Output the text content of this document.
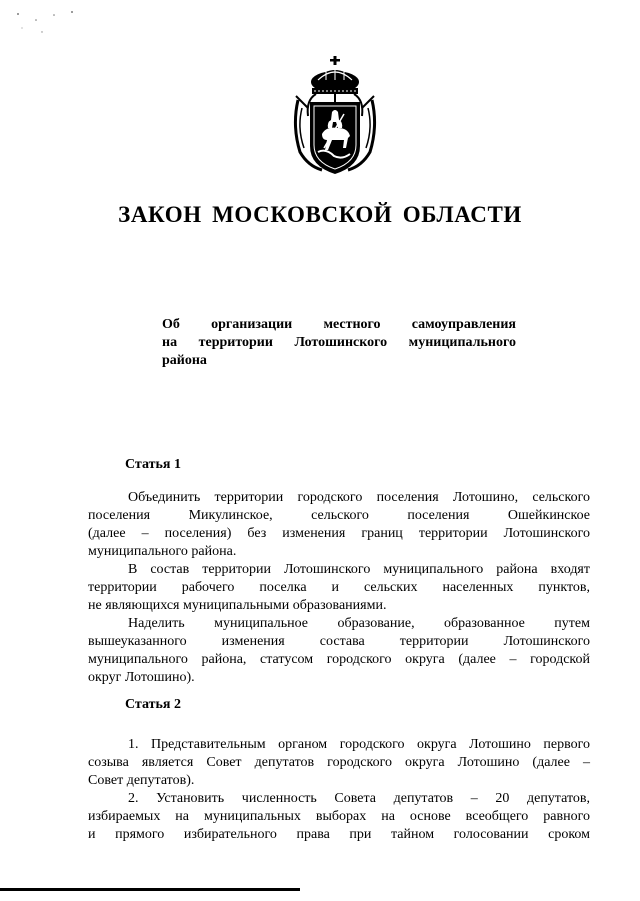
ЗАКОН МОСКОВСКОЙ ОБЛАСТИ
Об организации местного самоуправления
на территории Лотошинского муниципального
района
Статья 1
Объединить территории городского поселения Лотошино, сельского
поселения Микулинское, сельского поселения Ошейкинское
(далее – поселения) без изменения границ территории Лотошинского
муниципального района.
В состав территории Лотошинского муниципального района входят
территории рабочего поселка и сельских населенных пунктов,
не являющихся муниципальными образованиями.
Наделить муниципальное образование, образованное путем
вышеуказанного изменения состава территории Лотошинского
муниципального района, статусом городского округа (далее – городской
округ Лотошино).
Статья 2
1. Представительным органом городского округа Лотошино первого
созыва является Совет депутатов городского округа Лотошино (далее –
Совет депутатов).
2. Установить численность Совета депутатов – 20 депутатов,
избираемых на муниципальных выборах на основе всеобщего равного
и прямого избирательного права при тайном голосовании сроком
